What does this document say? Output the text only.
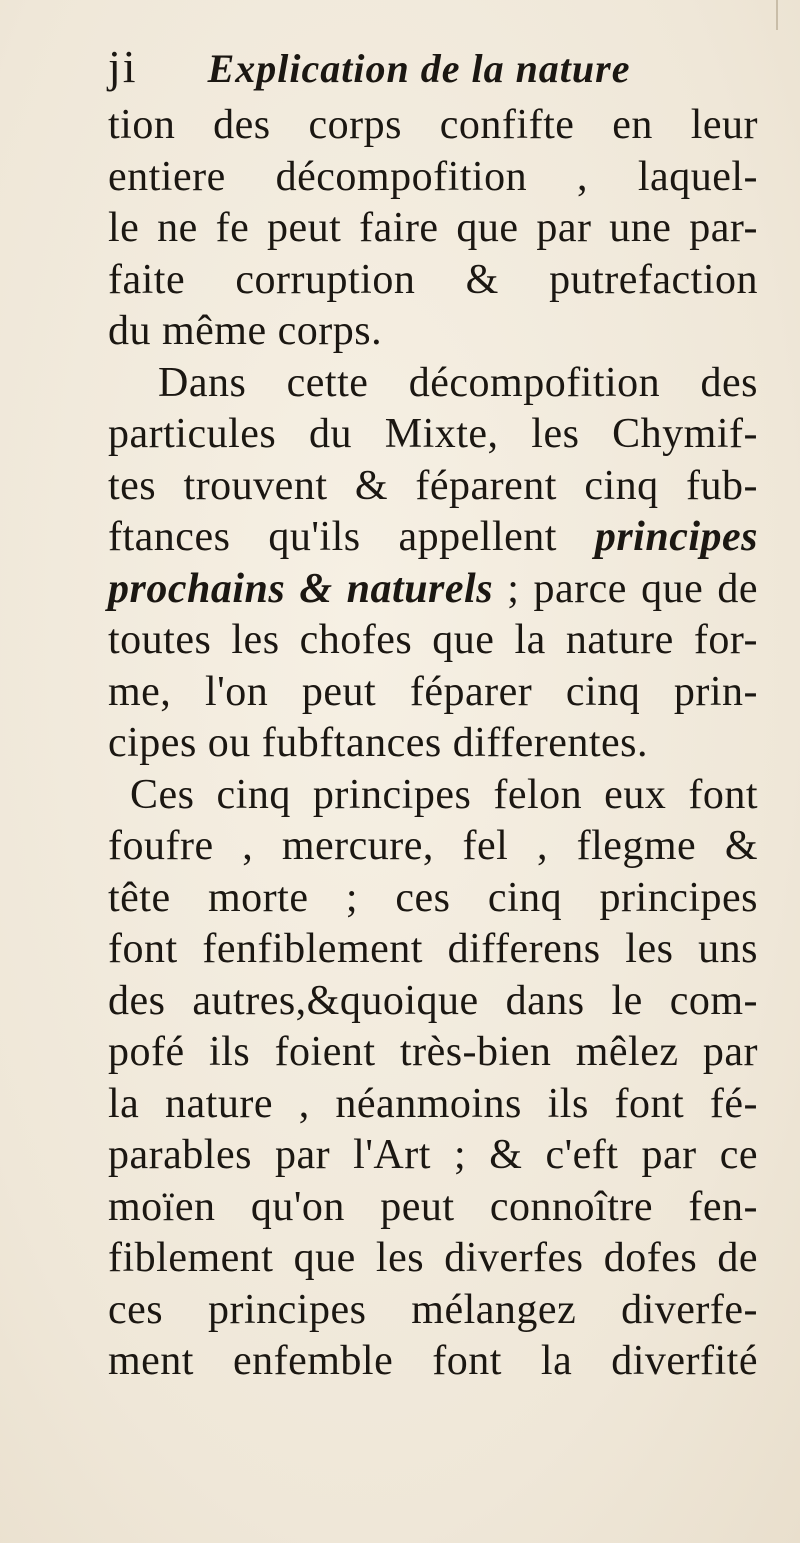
ji Explication de la nature
tion des corps confifte en leur
entiere décompofition , laquel-
le ne fe peut faire que par une par-
faite corruption & putrefaction
du même corps.
Dans cette décompofition des
particules du Mixte, les Chymif-
tes trouvent & féparent cinq fub-
ftances qu'ils appellent principes
prochains & naturels ; parce que de
toutes les chofes que la nature for-
me, l'on peut féparer cinq prin-
cipes ou fubftances differentes.
Ces cinq principes felon eux font
foufre , mercure, fel , flegme &
tête morte ; ces cinq principes
font fenfiblement differens les uns
des autres,&quoique dans le com-
pofé ils foient très-bien mêlez par
la nature , néanmoins ils font fé-
parables par l'Art ; & c'eft par ce
moïen qu'on peut connoître fen-
fiblement que les diverfes dofes de
ces principes mélangez diverfe-
ment enfemble font la diverfité
